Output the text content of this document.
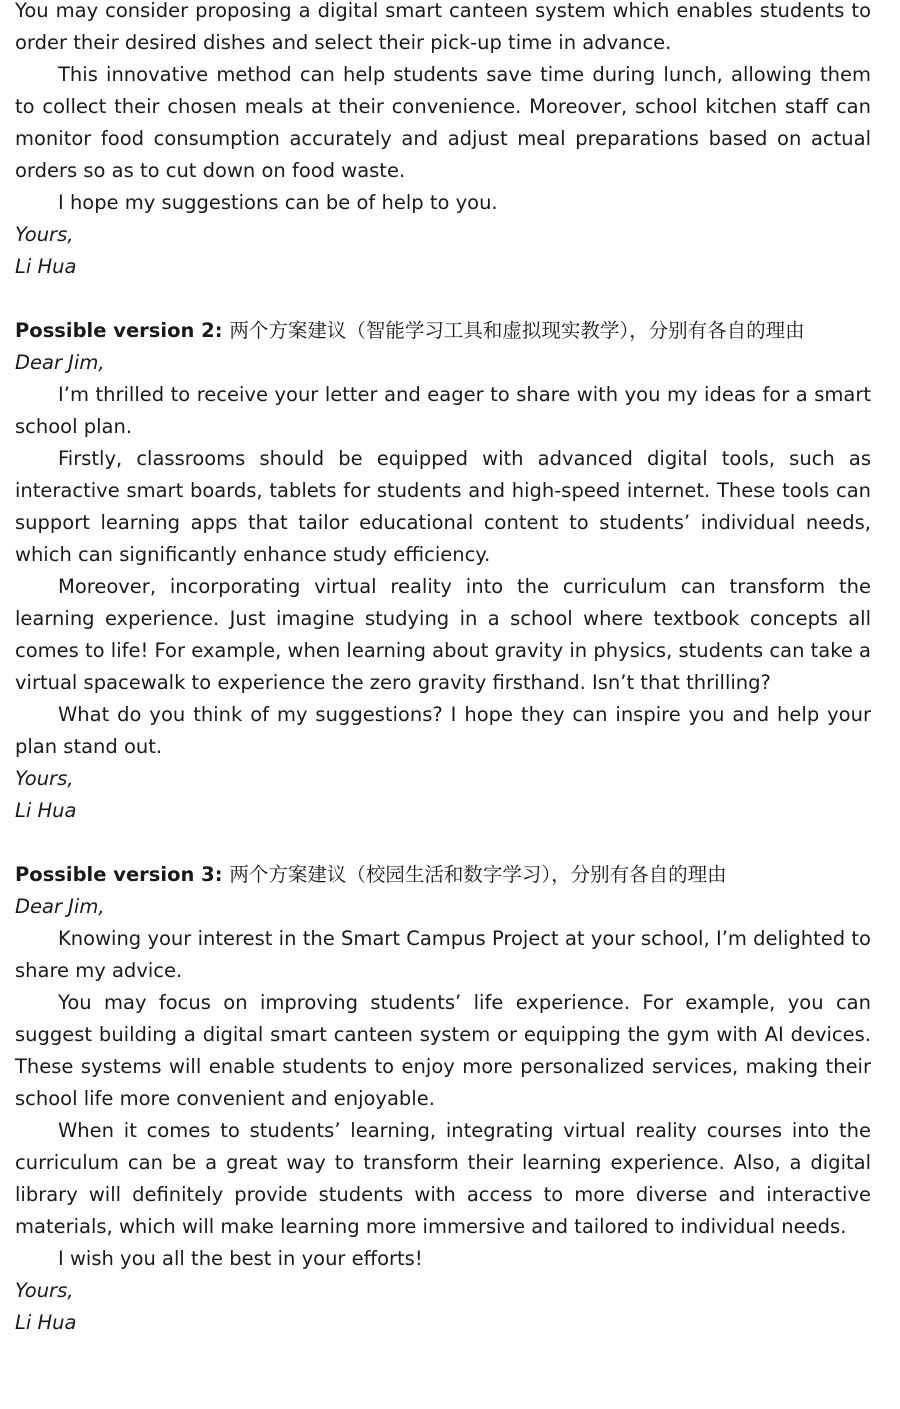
You may consider proposing a digital smart canteen system which enables students to order their desired dishes and select their pick-up time in advance.

This innovative method can help students save time during lunch, allowing them to collect their chosen meals at their convenience. Moreover, school kitchen staff can monitor food consumption accurately and adjust meal preparations based on actual orders so as to cut down on food waste.

I hope my suggestions can be of help to you.

Yours,

Li Hua

Possible version 2: 两个方案建议（智能学习工具和虚拟现实教学），分别有各自的理由

Dear Jim,

I’m thrilled to receive your letter and eager to share with you my ideas for a smart school plan.

Firstly, classrooms should be equipped with advanced digital tools, such as interactive smart boards, tablets for students and high-speed internet. These tools can support learning apps that tailor educational content to students’ individual needs, which can significantly enhance study efficiency.

Moreover, incorporating virtual reality into the curriculum can transform the learning experience. Just imagine studying in a school where textbook concepts all comes to life! For example, when learning about gravity in physics, students can take a virtual spacewalk to experience the zero gravity firsthand. Isn’t that thrilling?

What do you think of my suggestions? I hope they can inspire you and help your plan stand out.

Yours,

Li Hua

Possible version 3: 两个方案建议（校园生活和数字学习），分别有各自的理由

Dear Jim,

Knowing your interest in the Smart Campus Project at your school, I’m delighted to share my advice.

You may focus on improving students’ life experience. For example, you can suggest building a digital smart canteen system or equipping the gym with AI devices. These systems will enable students to enjoy more personalized services, making their school life more convenient and enjoyable.

When it comes to students’ learning, integrating virtual reality courses into the curriculum can be a great way to transform their learning experience. Also, a digital library will definitely provide students with access to more diverse and interactive materials, which will make learning more immersive and tailored to individual needs.

I wish you all the best in your efforts!

Yours,

Li Hua
